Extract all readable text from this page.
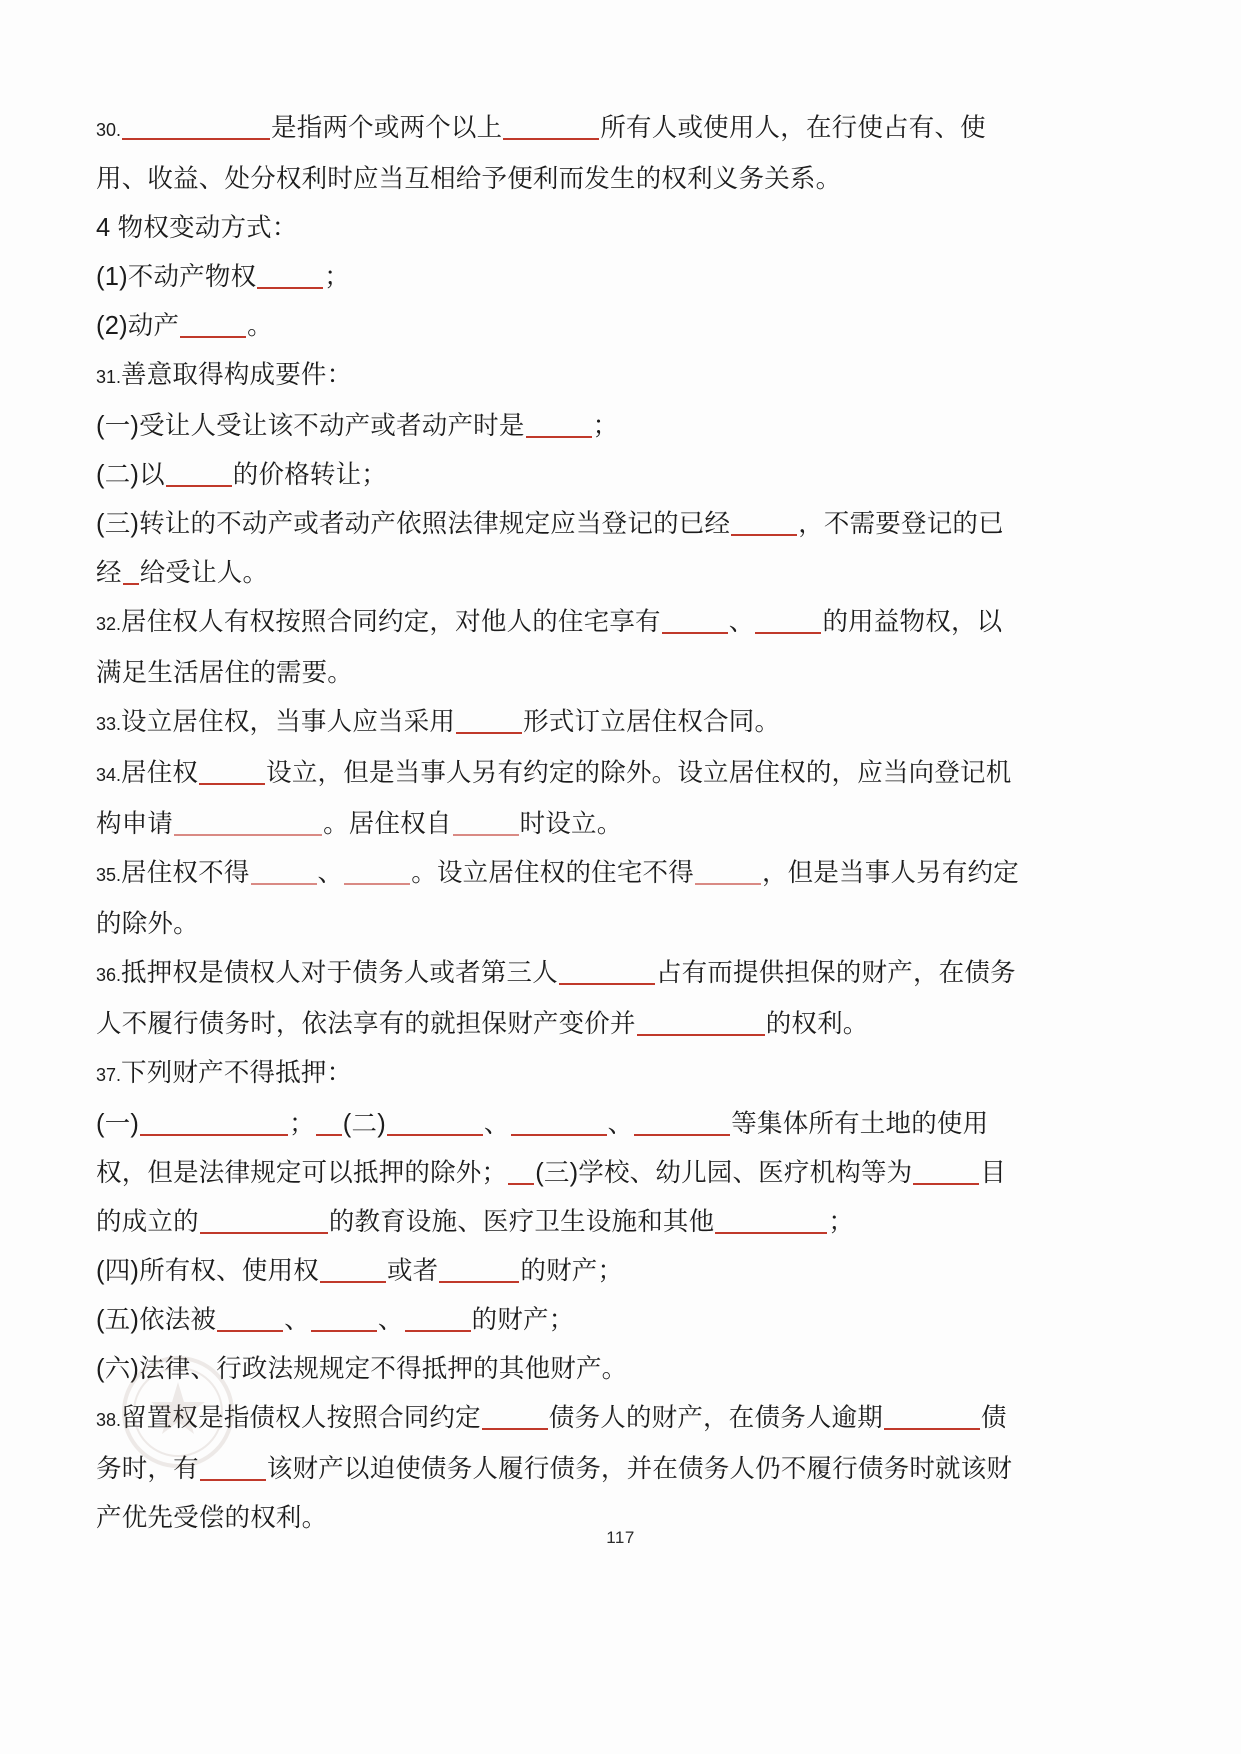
30.	是指两个或两个以上	所有人或使用人，在行使占有、使用、收益、处分权利时应当互相给予便利而发生的权利义务关系。
4 物权变动方式：
(1)不动产物权	；
(2)动产	。
31.善意取得构成要件：
(一)受让人受让该不动产或者动产时是	；
(二)以	的价格转让；
(三)转让的不动产或者动产依照法律规定应当登记的已经	，不需要登记的已经 给受让人。
32.居住权人有权按照合同约定，对他人的住宅享有	、	的用益物权，以满足生活居住的需要。
33.设立居住权，当事人应当采用	形式订立居住权合同。
34.居住权	设立，但是当事人另有约定的除外。设立居住权的，应当向登记机构申请	。居住权自	时设立。
35.居住权不得	、	。设立居住权的住宅不得	，但是当事人另有约定的除外。
36.抵押权是债权人对于债务人或者第三人	占有而提供担保的财产，在债务人不履行债务时，依法享有的就担保财产变价并	的权利。
37.下列财产不得抵押：
(一)	； (二)	、	、	等集体所有土地的使用权，但是法律规定可以抵押的除外； (三)学校、幼儿园、医疗机构等为	目的成立的	的教育设施、医疗卫生设施和其他	；
(四)所有权、使用权	或者	的财产；
(五)依法被	、	、	的财产；
(六)法律、行政法规规定不得抵押的其他财产。
38.留置权是指债权人按照合同约定	债务人的财产，在债务人逾期	债务时，有	该财产以迫使债务人履行债务，并在债务人仍不履行债务时就该财产优先受偿的权利。
117
